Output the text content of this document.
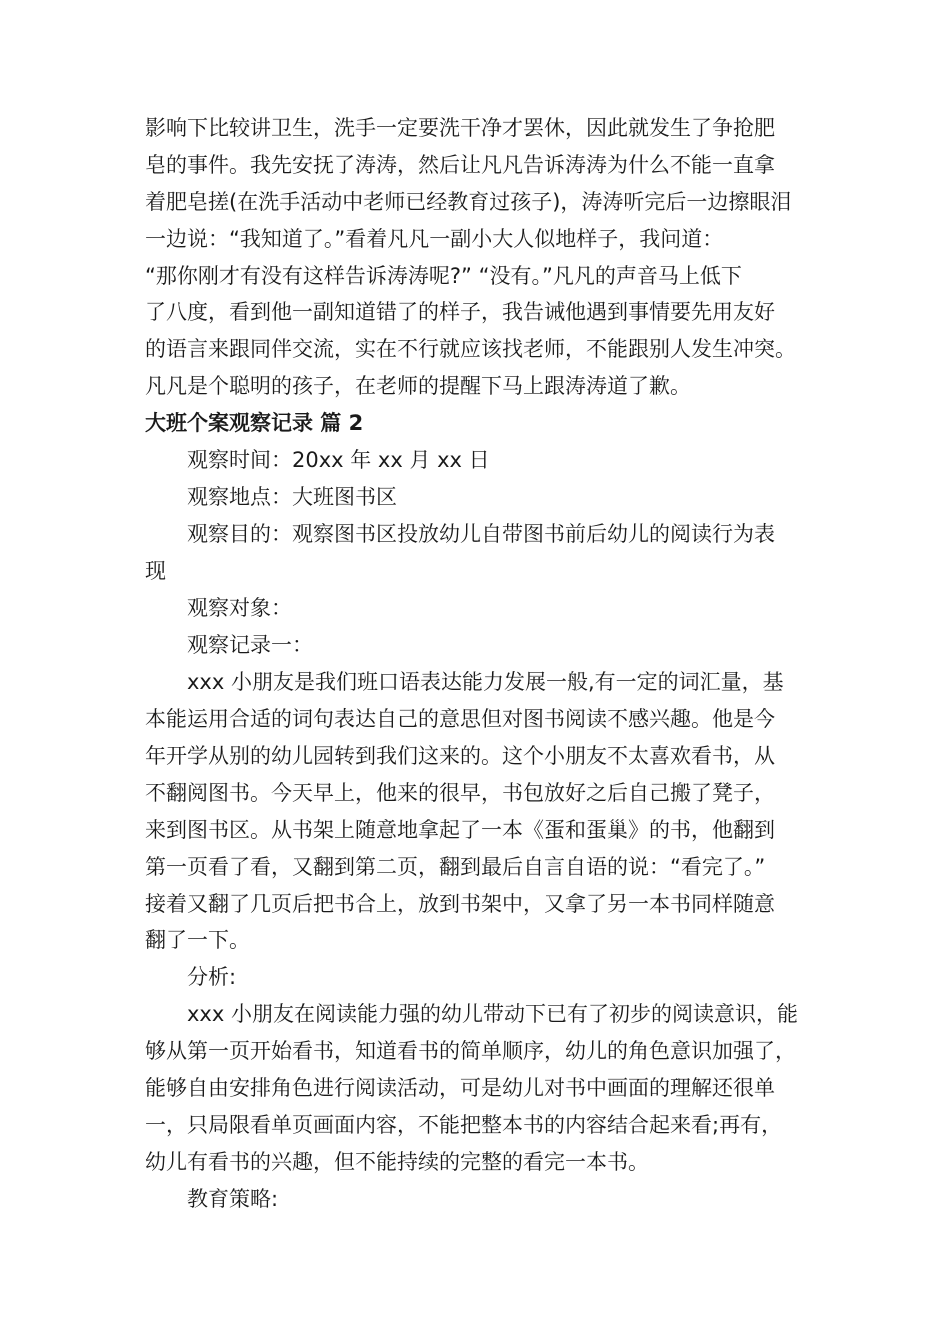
影响下比较讲卫生，洗手一定要洗干净才罢休，因此就发生了争抢肥
皂的事件。我先安抚了涛涛，然后让凡凡告诉涛涛为什么不能一直拿
着肥皂搓(在洗手活动中老师已经教育过孩子)，涛涛听完后一边擦眼泪
一边说：“我知道了。”看着凡凡一副小大人似地样子，我问道：
“那你刚才有没有这样告诉涛涛呢?” “没有。”凡凡的声音马上低下
了八度，看到他一副知道错了的样子，我告诫他遇到事情要先用友好
的语言来跟同伴交流，实在不行就应该找老师，不能跟别人发生冲突。
凡凡是个聪明的孩子，在老师的提醒下马上跟涛涛道了歉。
大班个案观察记录 篇 2
观察时间：20xx 年 xx 月 xx 日
观察地点：大班图书区
观察目的：观察图书区投放幼儿自带图书前后幼儿的阅读行为表
现
观察对象：
观察记录一：
xxx 小朋友是我们班口语表达能力发展一般,有一定的词汇量，基
本能运用合适的词句表达自己的意思但对图书阅读不感兴趣。他是今
年开学从别的幼儿园转到我们这来的。这个小朋友不太喜欢看书，从
不翻阅图书。今天早上，他来的很早，书包放好之后自己搬了凳子，
来到图书区。从书架上随意地拿起了一本《蛋和蛋巢》的书，他翻到
第一页看了看，又翻到第二页，翻到最后自言自语的说：“看完了。”
接着又翻了几页后把书合上，放到书架中，又拿了另一本书同样随意
翻了一下。
分析:
xxx 小朋友在阅读能力强的幼儿带动下已有了初步的阅读意识，能
够从第一页开始看书，知道看书的简单顺序，幼儿的角色意识加强了，
能够自由安排角色进行阅读活动，可是幼儿对书中画面的理解还很单
一，只局限看单页画面内容，不能把整本书的内容结合起来看;再有，
幼儿有看书的兴趣，但不能持续的完整的看完一本书。
教育策略:
